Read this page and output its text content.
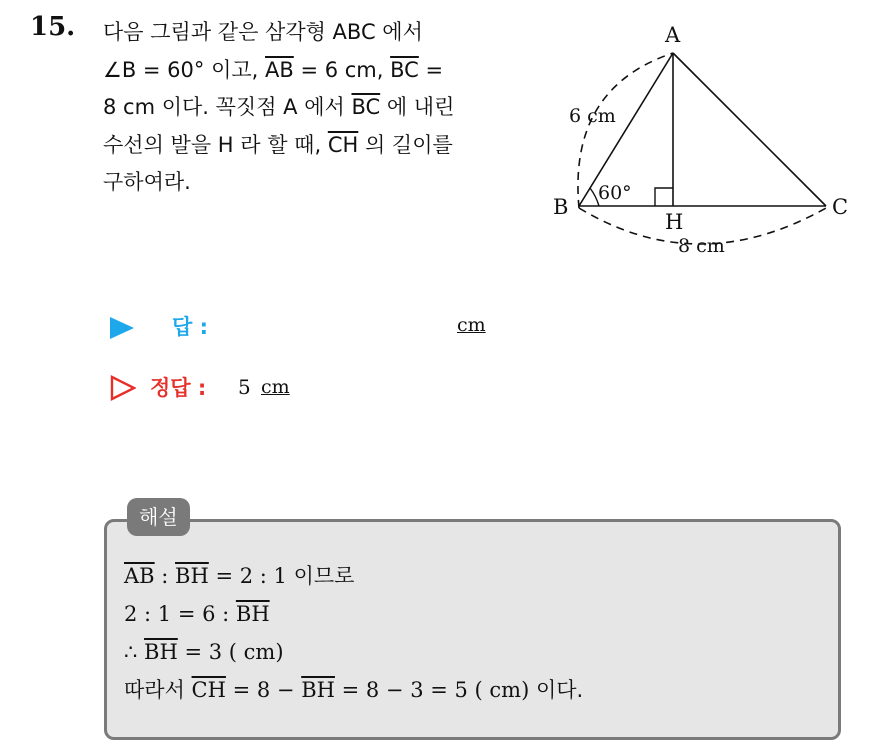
15. 다음 그림과 같은 삼각형 ABC 에서
∠B = 60° 이고, $\overline{AB} = 6$ cm, $\overline{BC}$ =
8 cm 이다. 꼭짓점 A 에서 $\overline{BC}$ 에 내린
수선의 발을 H 라 할 때, $\overline{CH}$ 의 길이를
구하여라.

A
B	C
H
60°
6 cm
8 cm
답 :	cm
정답 : 5 cm
해설
$\overline{AB}$ : $\overline{BH} = 2$ : 1 이므로
2 : 1 = 6 : $\overline{BH}$
∴ $\overline{BH} = 3$ ( cm)
따라서 $\overline{CH} = 8 - \overline{BH} = 8 - 3 = 5$ ( cm) 이다.
